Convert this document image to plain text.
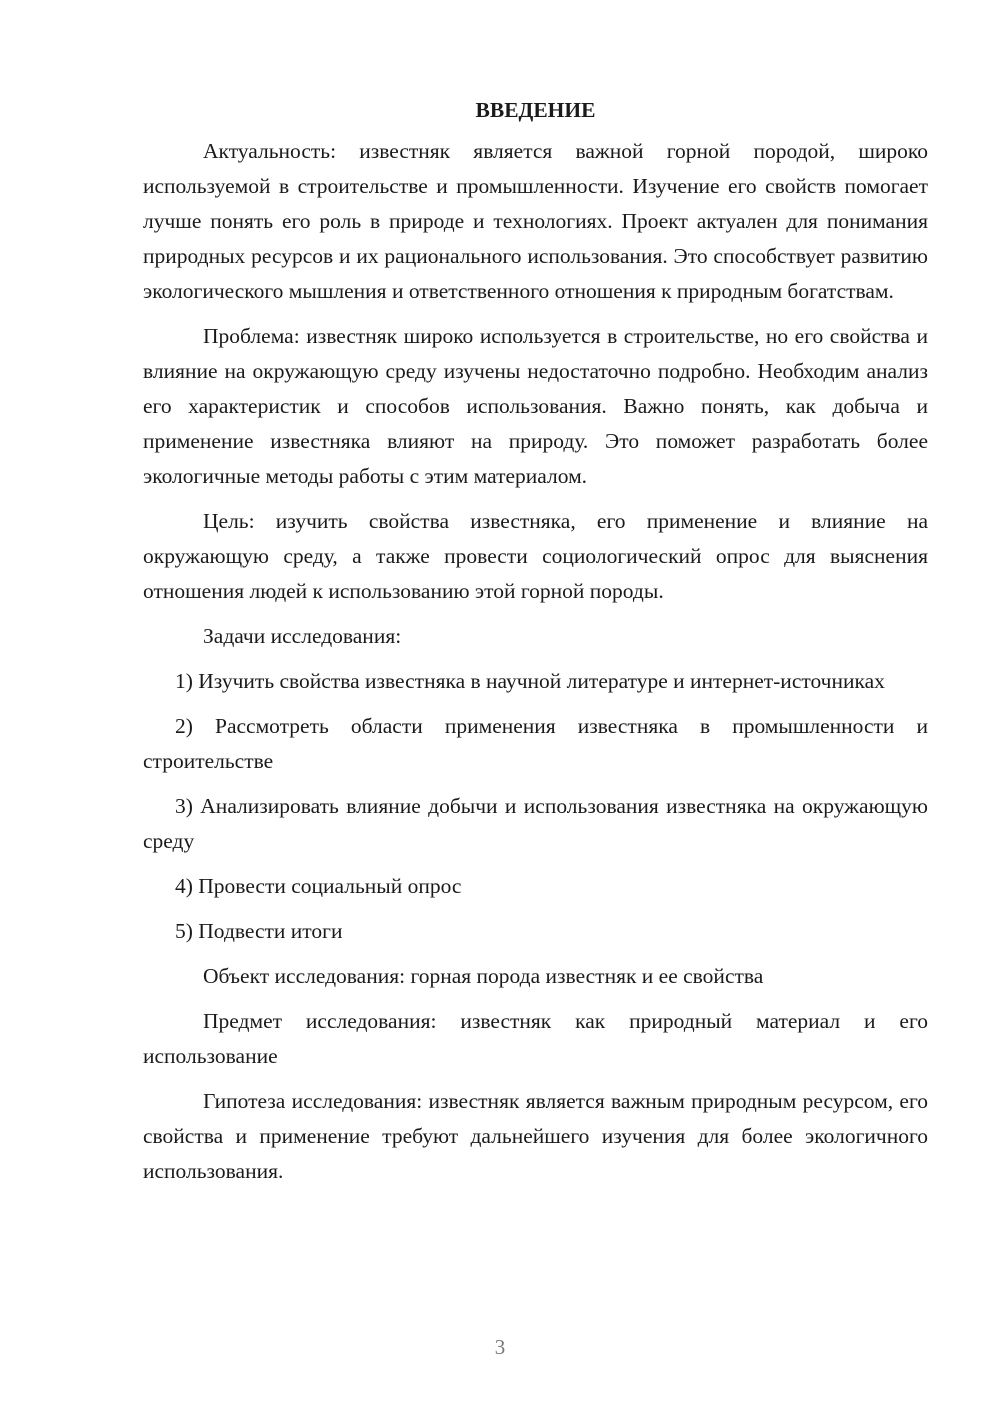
ВВЕДЕНИЕ

Актуальность: известняк является важной горной породой, широко используемой в строительстве и промышленности. Изучение его свойств помогает лучше понять его роль в природе и технологиях. Проект актуален для понимания природных ресурсов и их рационального использования. Это способствует развитию экологического мышления и ответственного отношения к природным богатствам.

Проблема: известняк широко используется в строительстве, но его свойства и влияние на окружающую среду изучены недостаточно подробно. Необходим анализ его характеристик и способов использования. Важно понять, как добыча и применение известняка влияют на природу. Это поможет разработать более экологичные методы работы с этим материалом.

Цель: изучить свойства известняка, его применение и влияние на окружающую среду, а также провести социологический опрос для выяснения отношения людей к использованию этой горной породы.

Задачи исследования:

1) Изучить свойства известняка в научной литературе и интернет-источниках

2) Рассмотреть области применения известняка в промышленности и строительстве

3) Анализировать влияние добычи и использования известняка на окружающую среду

4) Провести социальный опрос

5) Подвести итоги

Объект исследования: горная порода известняк и ее свойства

Предмет исследования: известняк как природный материал и его использование

Гипотеза исследования: известняк является важным природным ресурсом, его свойства и применение требуют дальнейшего изучения для более экологичного использования.

3
